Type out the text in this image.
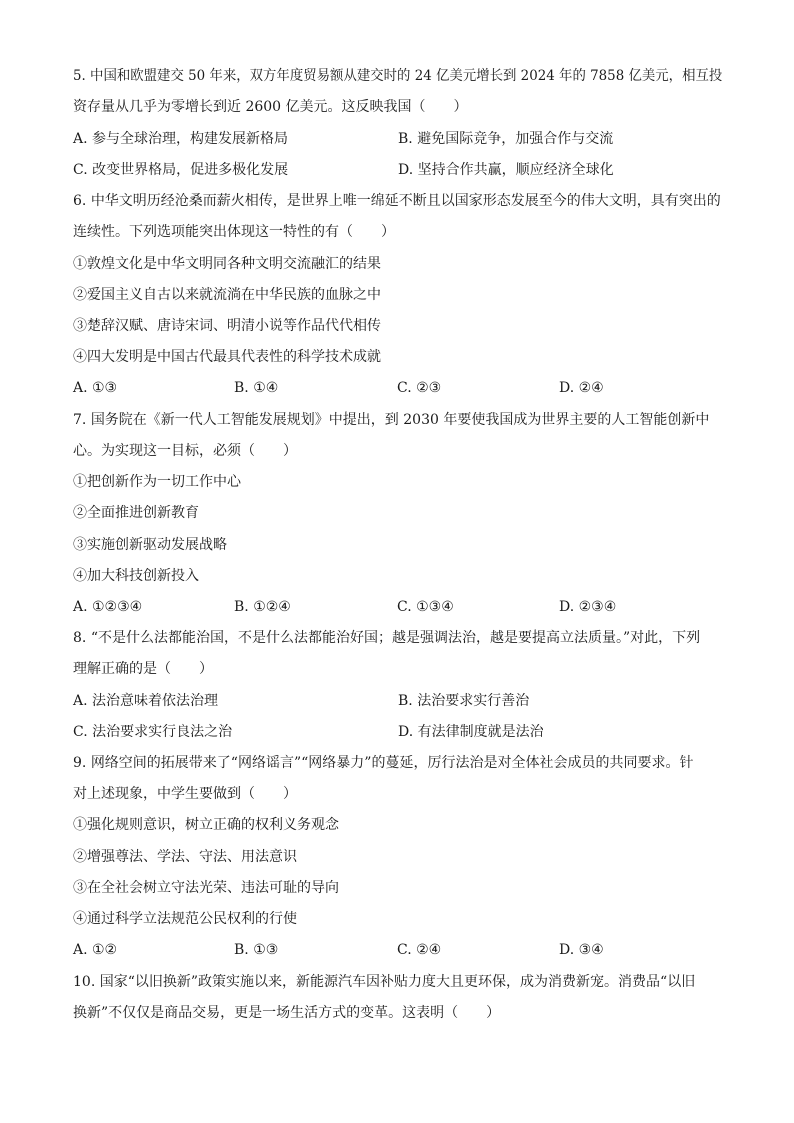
5. 中国和欧盟建交 50 年来，双方年度贸易额从建交时的 24 亿美元增长到 2024 年的 7858 亿美元，相互投
资存量从几乎为零增长到近 2600 亿美元。这反映我国（　　）
A. 参与全球治理，构建发展新格局	B. 避免国际竞争，加强合作与交流
C. 改变世界格局，促进多极化发展	D. 坚持合作共赢，顺应经济全球化
6. 中华文明历经沧桑而薪火相传，是世界上唯一绵延不断且以国家形态发展至今的伟大文明，具有突出的
连续性。下列选项能突出体现这一特性的有（　　）
①敦煌文化是中华文明同各种文明交流融汇的结果
②爱国主义自古以来就流淌在中华民族的血脉之中
③楚辞汉赋、唐诗宋词、明清小说等作品代代相传
④四大发明是中国古代最具代表性的科学技术成就
A. ①③	B. ①④	C. ②③	D. ②④
7. 国务院在《新一代人工智能发展规划》中提出，到 2030 年要使我国成为世界主要的人工智能创新中
心。为实现这一目标，必须（　　）
①把创新作为一切工作中心
②全面推进创新教育
③实施创新驱动发展战略
④加大科技创新投入
A. ①②③④	B. ①②④	C. ①③④	D. ②③④
8. “不是什么法都能治国，不是什么法都能治好国；越是强调法治，越是要提高立法质量。”对此，下列
理解正确的是（　　）
A. 法治意味着依法治理	B. 法治要求实行善治
C. 法治要求实行良法之治	D. 有法律制度就是法治
9. 网络空间的拓展带来了“网络谣言”“网络暴力”的蔓延，厉行法治是对全体社会成员的共同要求。针
对上述现象，中学生要做到（　　）
①强化规则意识，树立正确的权利义务观念
②增强尊法、学法、守法、用法意识
③在全社会树立守法光荣、违法可耻的导向
④通过科学立法规范公民权利的行使
A. ①②	B. ①③	C. ②④	D. ③④
10. 国家“以旧换新”政策实施以来，新能源汽车因补贴力度大且更环保，成为消费新宠。消费品“以旧
换新”不仅仅是商品交易，更是一场生活方式的变革。这表明（　　）
